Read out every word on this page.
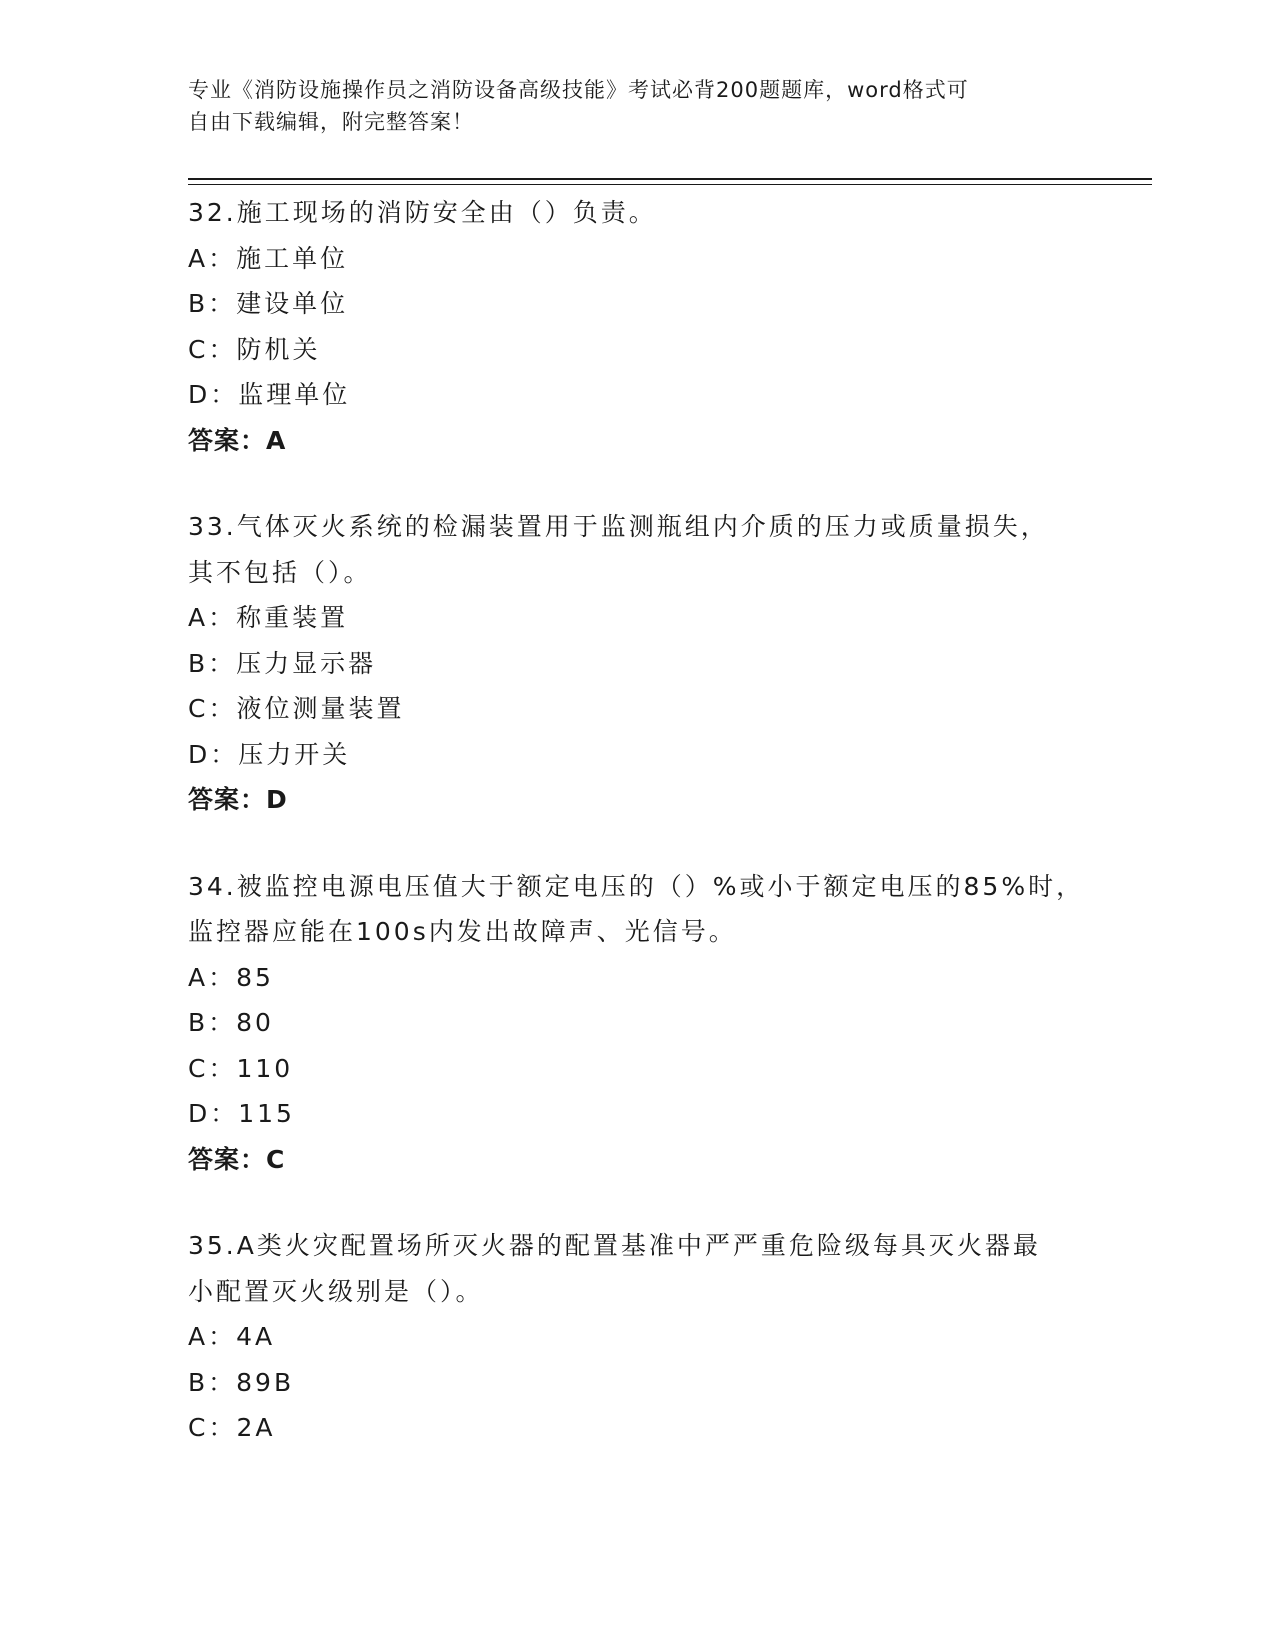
专业《消防设施操作员之消防设备高级技能》考试必背200题题库，word格式可
自由下载编辑，附完整答案！
32.施工现场的消防安全由（）负责。
A：施工单位
B：建设单位
C：防机关
D：监理单位
答案：A
33.气体灭火系统的检漏装置用于监测瓶组内介质的压力或质量损失，
其不包括（）。
A：称重装置
B：压力显示器
C：液位测量装置
D：压力开关
答案：D
34.被监控电源电压值大于额定电压的（）%或小于额定电压的85%时，
监控器应能在100s内发出故障声、光信号。
A：85
B：80
C：110
D：115
答案：C
35.A类火灾配置场所灭火器的配置基准中严严重危险级每具灭火器最
小配置灭火级别是（）。
A：4A
B：89B
C：2A
